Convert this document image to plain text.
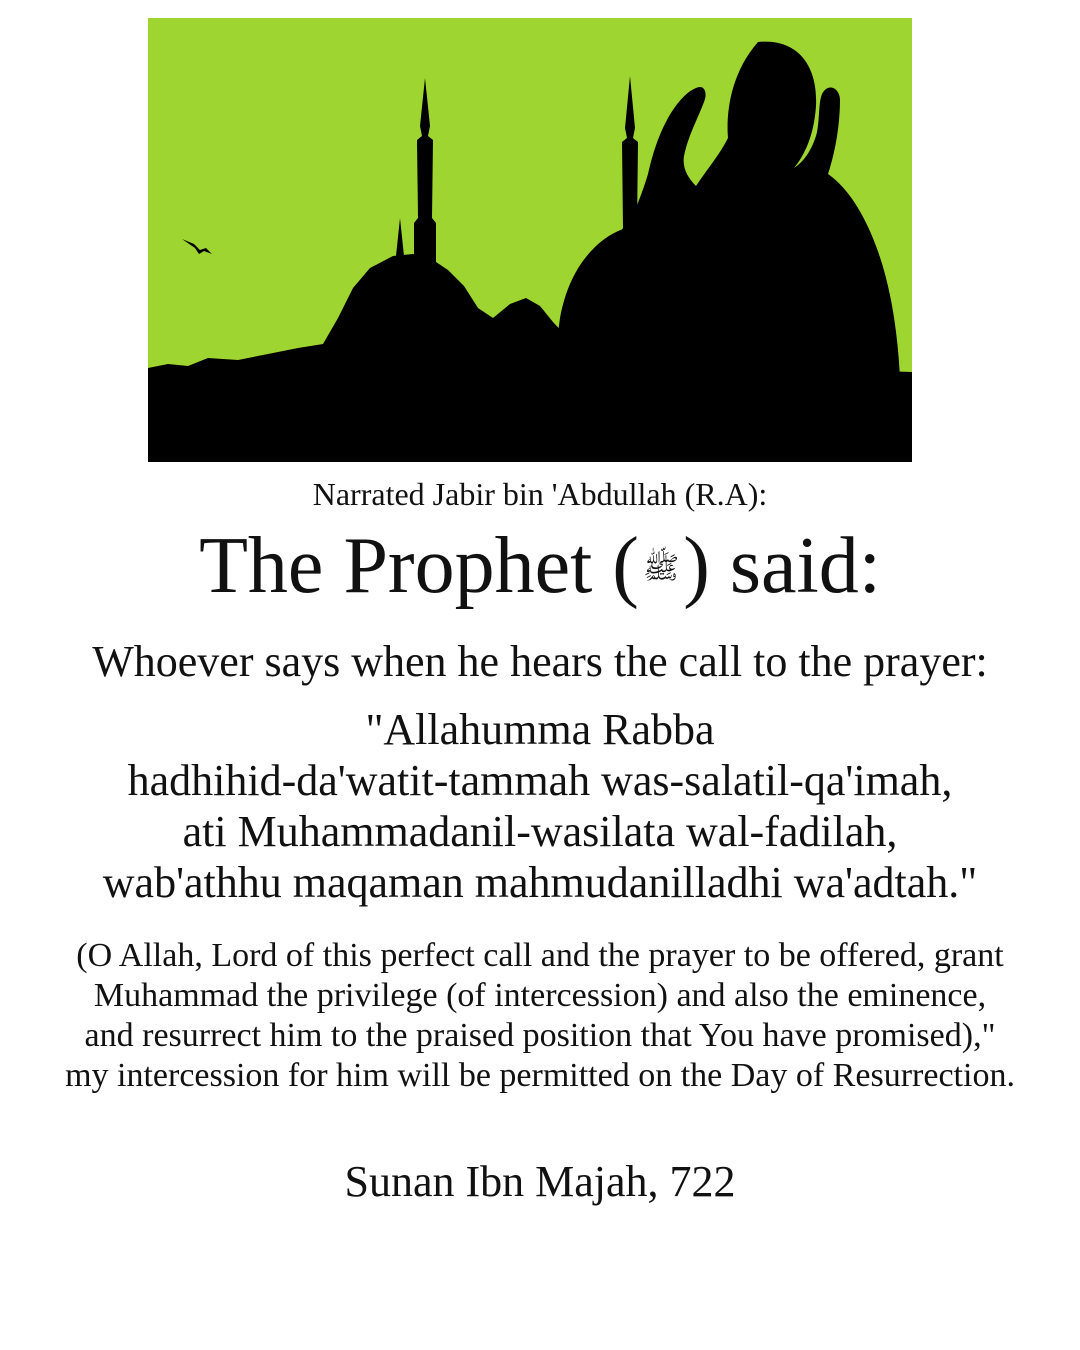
Narrated Jabir bin 'Abdullah (R.A):

The Prophet ( ﷺ) said:

Whoever says when he hears the call to the prayer:

"Allahumma Rabba
hadhihid-da'watit-tammah was-salatil-qa'imah,
ati Muhammadanil-wasilata wal-fadilah,
wab'athhu maqaman mahmudanilladhi wa'adtah."
(O Allah, Lord of this perfect call and the prayer to be offered, grant
Muhammad the privilege (of intercession) and also the eminence,
and resurrect him to the praised position that You have promised),"
my intercession for him will be permitted on the Day of Resurrection.

Sunan Ibn Majah, 722
